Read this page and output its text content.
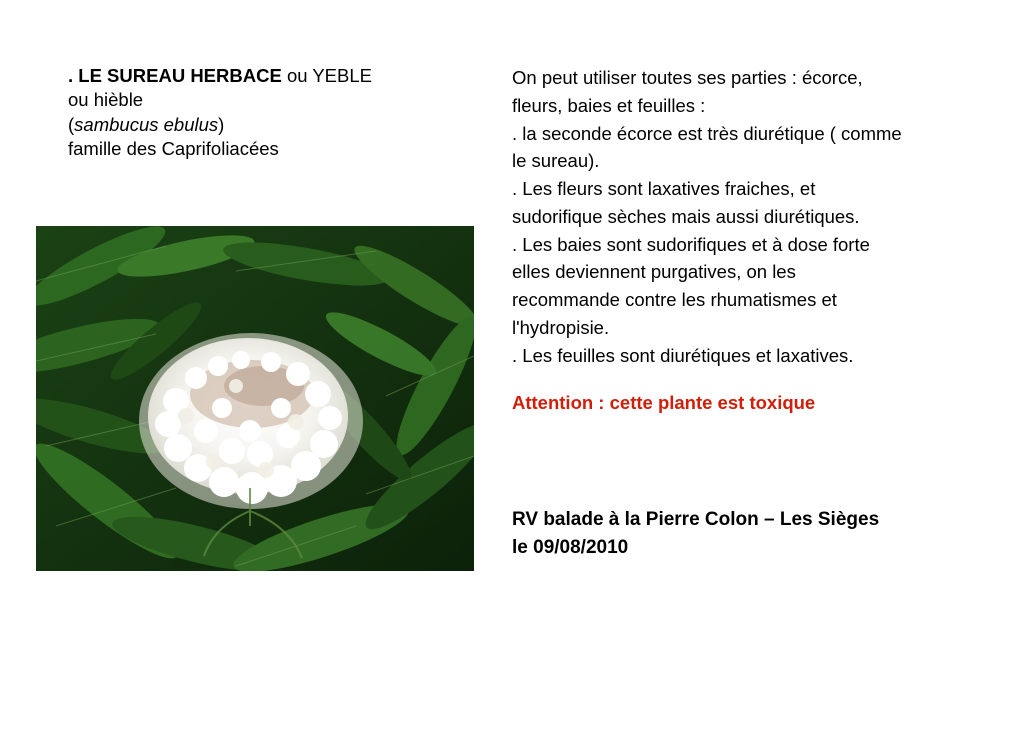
. LE SUREAU HERBACE ou YEBLE
ou hièble
(sambucus ebulus)
famille des Caprifoliacées

On peut utiliser toutes ses parties : écorce,

fleurs, baies et feuilles :

. la seconde écorce est très diurétique ( comme

le sureau).

. Les fleurs sont laxatives fraiches, et

sudorifique sèches mais aussi diurétiques.

. Les baies sont sudorifiques et à dose forte

elles deviennent purgatives, on les

recommande contre les rhumatismes et

l'hydropisie.

. Les feuilles sont diurétiques et laxatives.

Attention : cette plante est toxique
RV balade à la Pierre Colon – Les Sièges
le 09/08/2010
